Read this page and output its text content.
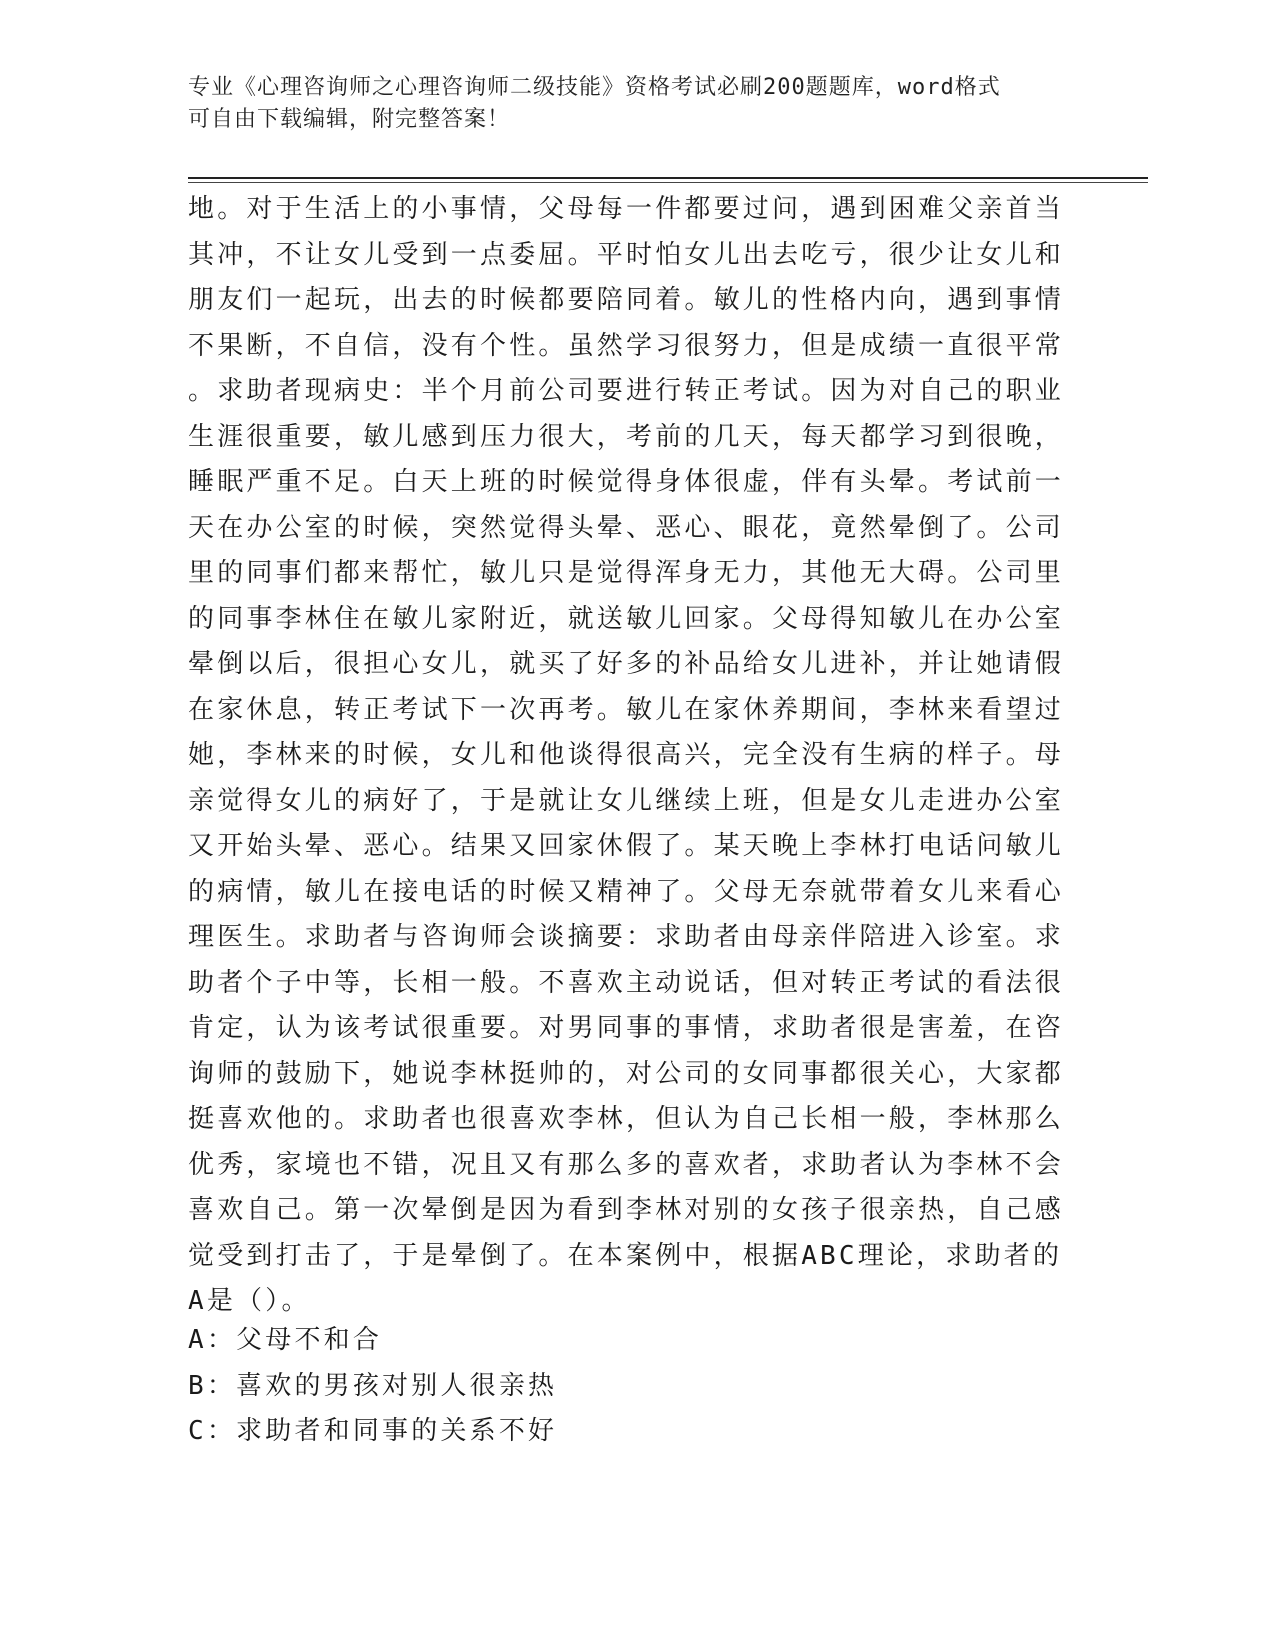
专业《心理咨询师之心理咨询师二级技能》资格考试必刷200题题库，word格式
可自由下载编辑，附完整答案！
地。对于生活上的小事情，父母每一件都要过问，遇到困难父亲首当
其冲，不让女儿受到一点委屈。平时怕女儿出去吃亏，很少让女儿和
朋友们一起玩，出去的时候都要陪同着。敏儿的性格内向，遇到事情
不果断，不自信，没有个性。虽然学习很努力，但是成绩一直很平常
。求助者现病史：半个月前公司要进行转正考试。因为对自己的职业
生涯很重要，敏儿感到压力很大，考前的几天，每天都学习到很晚，
睡眠严重不足。白天上班的时候觉得身体很虚，伴有头晕。考试前一
天在办公室的时候，突然觉得头晕、恶心、眼花，竟然晕倒了。公司
里的同事们都来帮忙，敏儿只是觉得浑身无力，其他无大碍。公司里
的同事李林住在敏儿家附近，就送敏儿回家。父母得知敏儿在办公室
晕倒以后，很担心女儿，就买了好多的补品给女儿进补，并让她请假
在家休息，转正考试下一次再考。敏儿在家休养期间，李林来看望过
她，李林来的时候，女儿和他谈得很高兴，完全没有生病的样子。母
亲觉得女儿的病好了，于是就让女儿继续上班，但是女儿走进办公室
又开始头晕、恶心。结果又回家休假了。某天晚上李林打电话问敏儿
的病情，敏儿在接电话的时候又精神了。父母无奈就带着女儿来看心
理医生。求助者与咨询师会谈摘要：求助者由母亲伴陪进入诊室。求
助者个子中等，长相一般。不喜欢主动说话，但对转正考试的看法很
肯定，认为该考试很重要。对男同事的事情，求助者很是害羞，在咨
询师的鼓励下，她说李林挺帅的，对公司的女同事都很关心，大家都
挺喜欢他的。求助者也很喜欢李林，但认为自己长相一般，李林那么
优秀，家境也不错，况且又有那么多的喜欢者，求助者认为李林不会
喜欢自己。第一次晕倒是因为看到李林对别的女孩子很亲热，自己感
觉受到打击了，于是晕倒了。在本案例中，根据ABC理论，求助者的
A是（）。
A：父母不和合
B：喜欢的男孩对别人很亲热
C：求助者和同事的关系不好
